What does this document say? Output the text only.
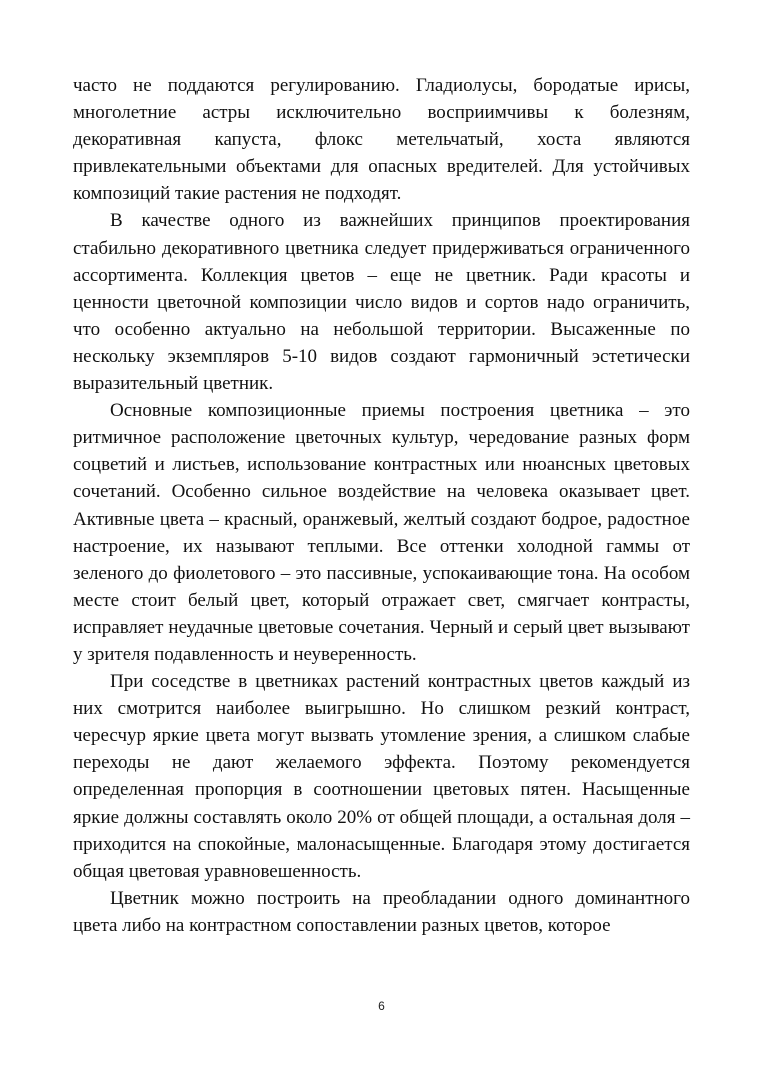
часто не поддаются регулированию. Гладиолусы, бородатые ирисы, многолетние астры исключительно восприимчивы к болезням, декоративная капуста, флокс метельчатый, хоста являются привлекательными объектами для опасных вредителей. Для устойчивых композиций такие растения не подходят.

В качестве одного из важнейших принципов проектирования стабильно декоративного цветника следует придерживаться ограниченного ассортимента. Коллекция цветов – еще не цветник. Ради красоты и ценности цветочной композиции число видов и сортов надо ограничить, что особенно актуально на небольшой территории. Высаженные по нескольку экземпляров 5-10 видов создают гармоничный эстетически выразительный цветник.

Основные композиционные приемы построения цветника – это ритмичное расположение цветочных культур, чередование разных форм соцветий и листьев, использование контрастных или нюансных цветовых сочетаний. Особенно сильное воздействие на человека оказывает цвет. Активные цвета – красный, оранжевый, желтый создают бодрое, радостное настроение, их называют теплыми. Все оттенки холодной гаммы от зеленого до фиолетового – это пассивные, успокаивающие тона. На особом месте стоит белый цвет, который отражает свет, смягчает контрасты, исправляет неудачные цветовые сочетания. Черный и серый цвет вызывают у зрителя подавленность и неуверенность.

При соседстве в цветниках растений контрастных цветов каждый из них смотрится наиболее выигрышно. Но слишком резкий контраст, чересчур яркие цвета могут вызвать утомление зрения, а слишком слабые переходы не дают желаемого эффекта. Поэтому рекомендуется определенная пропорция в соотношении цветовых пятен. Насыщенные яркие должны составлять около 20% от общей площади, а остальная доля – приходится на спокойные, малонасыщенные. Благодаря этому достигается общая цветовая уравновешенность.

Цветник можно построить на преобладании одного доминантного цвета либо на контрастном сопоставлении разных цветов, которое

6
